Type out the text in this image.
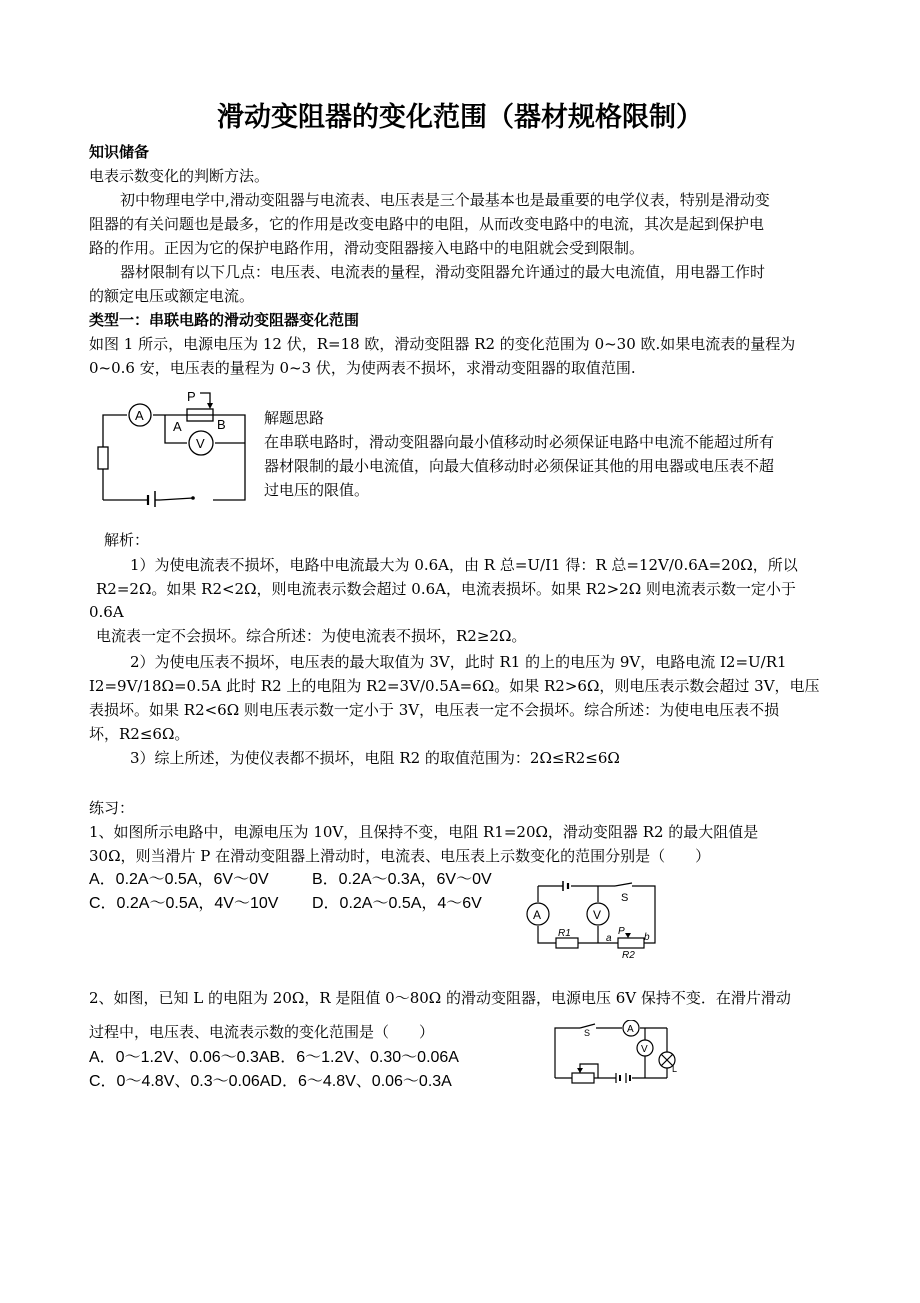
滑动变阻器的变化范围（器材规格限制）
知识储备
电表示数变化的判断方法。
初中物理电学中,滑动变阻器与电流表、电压表是三个最基本也是最重要的电学仪表，特别是滑动变
阻器的有关问题也是最多，它的作用是改变电路中的电阻，从而改变电路中的电流，其次是起到保护电
路的作用。正因为它的保护电路作用，滑动变阻器接入电路中的电阻就会受到限制。
器材限制有以下几点：电压表、电流表的量程，滑动变阻器允许通过的最大电流值，用电器工作时
的额定电压或额定电流。
类型一：串联电路的滑动变阻器变化范围
如图 1 所示，电源电压为 12 伏，R=18 欧，滑动变阻器 R2 的变化范围为 0~30 欧.如果电流表的量程为
0~0.6 安，电压表的量程为 0~3 伏，为使两表不损坏，求滑动变阻器的取值范围.
A
V
P
A	B	解题思路
在串联电路时，滑动变阻器向最小值移动时必须保证电路中电流不能超过所有
器材限制的最小电流值，向最大值移动时必须保证其他的用电器或电压表不超
过电压的限值。
解析：
1）为使电流表不损坏，电路中电流最大为 0.6A，由 R 总=U/I1 得：R 总=12V/0.6A=20Ω，所以
R2=2Ω。如果 R2<2Ω，则电流表示数会超过 0.6A，电流表损坏。如果 R2>2Ω 则电流表示数一定小于
0.6A
电流表一定不会损坏。综合所述：为使电流表不损坏，R2≥2Ω。
2）为使电压表不损坏，电压表的最大取值为 3V，此时 R1 的上的电压为 9V，电路电流 I2=U/R1
I2=9V/18Ω=0.5A 此时 R2 上的电阻为 R2=3V/0.5A=6Ω。如果 R2>6Ω，则电压表示数会超过 3V，电压
表损坏。如果 R2<6Ω 则电压表示数一定小于 3V，电压表一定不会损坏。综合所述：为使电电压表不损
坏，R2≤6Ω。
3）综上所述，为使仪表都不损坏，电阻 R2 的取值范围为：2Ω≤R2≤6Ω
练习：
1、如图所示电路中，电源电压为 10V，且保持不变，电阻 R1=20Ω，滑动变阻器 R2 的最大阻值是
30Ω，则当滑片 P 在滑动变阻器上滑动时，电流表、电压表上示数变化的范围分别是（　　）
A．0.2A～0.5A，6V～0V	B．0.2A～0.3A，6V～0V
C．0.2A～0.5A，4V～10V D．0.2A～0.5A，4～6V
A	V
S
R1	a
P
b
R2
2、如图，已知 L 的电阻为 20Ω，R 是阻值 0～80Ω 的滑动变阻器，电源电压 6V 保持不变．在滑片滑动
过程中，电压表、电流表示数的变化范围是（　　）
A．0～1.2V、0.06～0.3AB．6～1.2V、0.30～0.06A
C．0～4.8V、0.3～0.06AD．6～4.8V、0.06～0.3A
S	A
V
L
